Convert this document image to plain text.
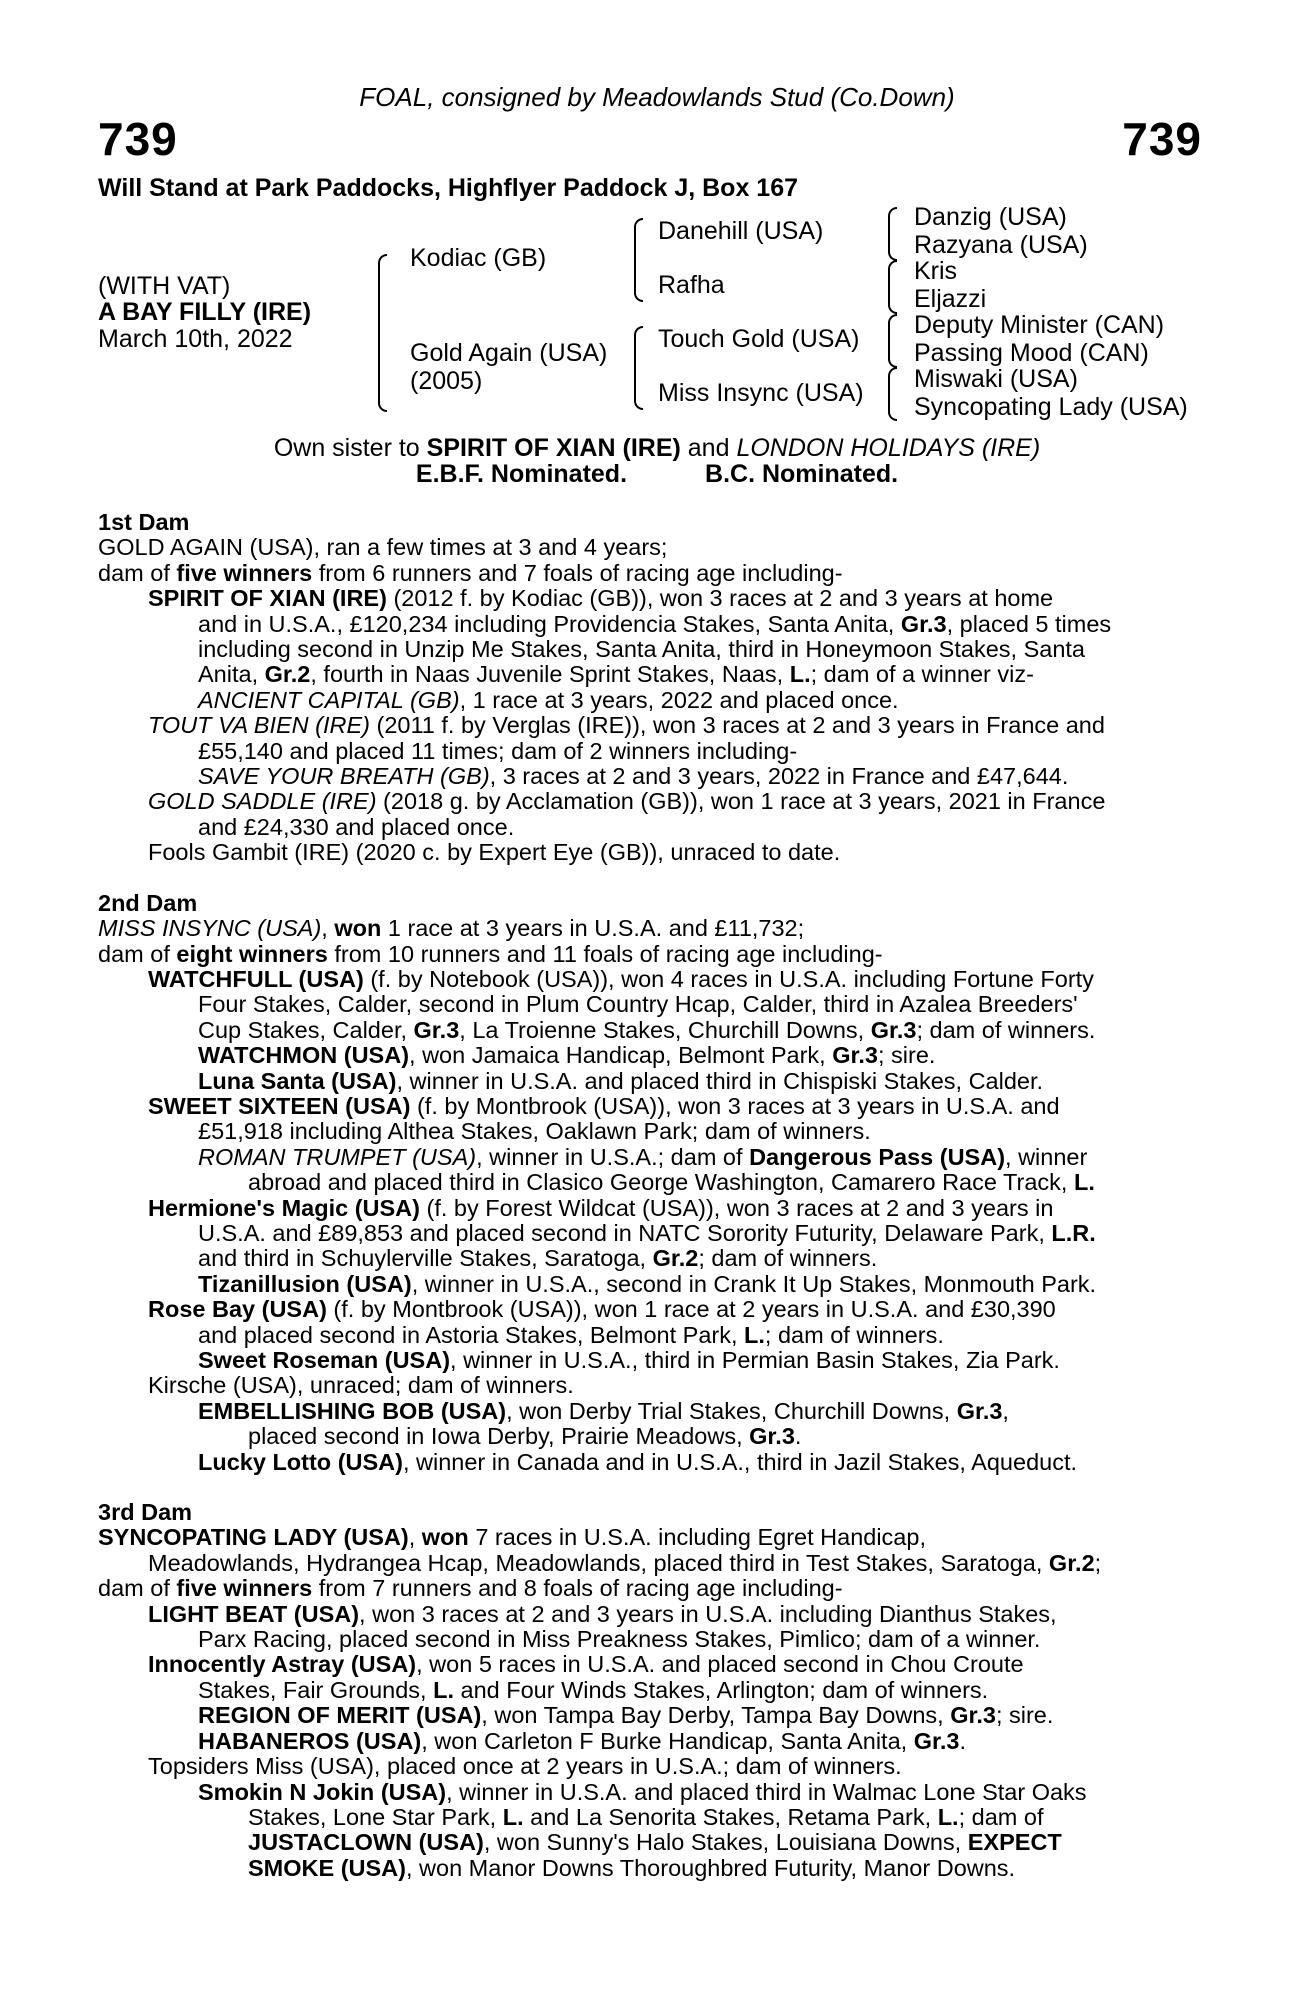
FOAL, consigned by Meadowlands Stud (Co.Down)
739	739
Will Stand at Park Paddocks, Highflyer Paddock J, Box 167
(WITH VAT)
A BAY FILLY (IRE)
March 10th, 2022
Kodiac (GB)
Gold Again (USA)
(2005)
Danehill (USA)
Rafha
Touch Gold (USA)
Miss Insync (USA)
Danzig (USA)
Razyana (USA)
Kris
Eljazzi
Deputy Minister (CAN)
Passing Mood (CAN)
Miswaki (USA)
Syncopating Lady (USA)
Own sister to SPIRIT OF XIAN (IRE) and LONDON HOLIDAYS (IRE)
E.B.F. Nominated.	B.C. Nominated.

1st Dam

GOLD AGAIN (USA), ran a few times at 3 and 4 years;

dam of five winners from 6 runners and 7 foals of racing age including-

SPIRIT OF XIAN (IRE) (2012 f. by Kodiac (GB)), won 3 races at 2 and 3 years at home

and in U.S.A., £120,234 including Providencia Stakes, Santa Anita, Gr.3, placed 5 times

including second in Unzip Me Stakes, Santa Anita, third in Honeymoon Stakes, Santa

Anita, Gr.2, fourth in Naas Juvenile Sprint Stakes, Naas, L.; dam of a winner viz-

ANCIENT CAPITAL (GB), 1 race at 3 years, 2022 and placed once.

TOUT VA BIEN (IRE) (2011 f. by Verglas (IRE)), won 3 races at 2 and 3 years in France and

£55,140 and placed 11 times; dam of 2 winners including-

SAVE YOUR BREATH (GB), 3 races at 2 and 3 years, 2022 in France and £47,644.

GOLD SADDLE (IRE) (2018 g. by Acclamation (GB)), won 1 race at 3 years, 2021 in France

and £24,330 and placed once.

Fools Gambit (IRE) (2020 c. by Expert Eye (GB)), unraced to date.

2nd Dam

MISS INSYNC (USA), won 1 race at 3 years in U.S.A. and £11,732;

dam of eight winners from 10 runners and 11 foals of racing age including-

WATCHFULL (USA) (f. by Notebook (USA)), won 4 races in U.S.A. including Fortune Forty

Four Stakes, Calder, second in Plum Country Hcap, Calder, third in Azalea Breeders'

Cup Stakes, Calder, Gr.3, La Troienne Stakes, Churchill Downs, Gr.3; dam of winners.

WATCHMON (USA), won Jamaica Handicap, Belmont Park, Gr.3; sire.

Luna Santa (USA), winner in U.S.A. and placed third in Chispiski Stakes, Calder.

SWEET SIXTEEN (USA) (f. by Montbrook (USA)), won 3 races at 3 years in U.S.A. and

£51,918 including Althea Stakes, Oaklawn Park; dam of winners.

ROMAN TRUMPET (USA), winner in U.S.A.; dam of Dangerous Pass (USA), winner

abroad and placed third in Clasico George Washington, Camarero Race Track, L.

Hermione's Magic (USA) (f. by Forest Wildcat (USA)), won 3 races at 2 and 3 years in

U.S.A. and £89,853 and placed second in NATC Sorority Futurity, Delaware Park, L.R.

and third in Schuylerville Stakes, Saratoga, Gr.2; dam of winners.

Tizanillusion (USA), winner in U.S.A., second in Crank It Up Stakes, Monmouth Park.

Rose Bay (USA) (f. by Montbrook (USA)), won 1 race at 2 years in U.S.A. and £30,390

and placed second in Astoria Stakes, Belmont Park, L.; dam of winners.

Sweet Roseman (USA), winner in U.S.A., third in Permian Basin Stakes, Zia Park.

Kirsche (USA), unraced; dam of winners.

EMBELLISHING BOB (USA), won Derby Trial Stakes, Churchill Downs, Gr.3,

placed second in Iowa Derby, Prairie Meadows, Gr.3.

Lucky Lotto (USA), winner in Canada and in U.S.A., third in Jazil Stakes, Aqueduct.

3rd Dam

SYNCOPATING LADY (USA), won 7 races in U.S.A. including Egret Handicap,

Meadowlands, Hydrangea Hcap, Meadowlands, placed third in Test Stakes, Saratoga, Gr.2;

dam of five winners from 7 runners and 8 foals of racing age including-

LIGHT BEAT (USA), won 3 races at 2 and 3 years in U.S.A. including Dianthus Stakes,

Parx Racing, placed second in Miss Preakness Stakes, Pimlico; dam of a winner.

Innocently Astray (USA), won 5 races in U.S.A. and placed second in Chou Croute

Stakes, Fair Grounds, L. and Four Winds Stakes, Arlington; dam of winners.

REGION OF MERIT (USA), won Tampa Bay Derby, Tampa Bay Downs, Gr.3; sire.

HABANEROS (USA), won Carleton F Burke Handicap, Santa Anita, Gr.3.

Topsiders Miss (USA), placed once at 2 years in U.S.A.; dam of winners.

Smokin N Jokin (USA), winner in U.S.A. and placed third in Walmac Lone Star Oaks

Stakes, Lone Star Park, L. and La Senorita Stakes, Retama Park, L.; dam of

JUSTACLOWN (USA), won Sunny's Halo Stakes, Louisiana Downs, EXPECT

SMOKE (USA), won Manor Downs Thoroughbred Futurity, Manor Downs.
